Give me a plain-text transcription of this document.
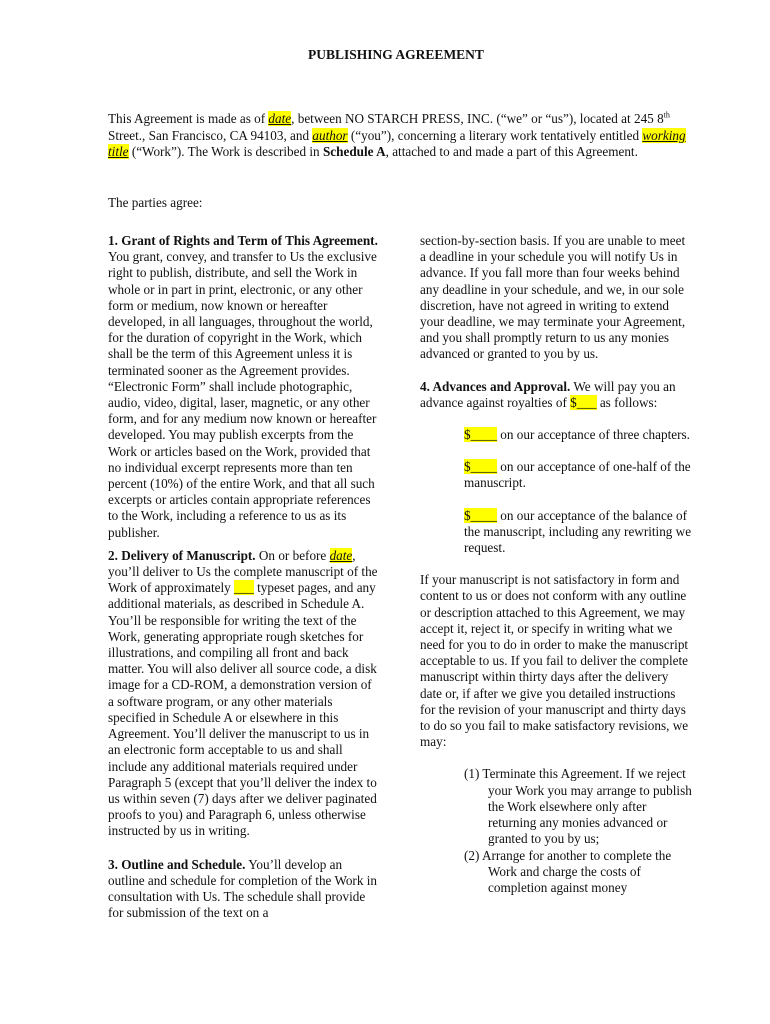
PUBLISHING AGREEMENT
This Agreement is made as of date, between NO STARCH PRESS, INC. (“we” or “us”), located at 245 8th Street., San Francisco, CA 94103, and author (“you”), concerning a literary work tentatively entitled working title (“Work”). The Work is described in Schedule A, attached to and made a part of this Agreement.
The parties agree:

1. Grant of Rights and Term of This Agreement. You grant, convey, and transfer to Us the exclusive right to publish, distribute, and sell the Work in whole or in part in print, electronic, or any other form or medium, now known or hereafter developed, in all languages, throughout the world, for the duration of copyright in the Work, which shall be the term of this Agreement unless it is terminated sooner as the Agreement provides. “Electronic Form” shall include photographic, audio, video, digital, laser, magnetic, or any other form, and for any medium now known or hereafter developed. You may publish excerpts from the Work or articles based on the Work, provided that no individual excerpt represents more than ten percent (10%) of the entire Work, and that all such excerpts or articles contain appropriate references to the Work, including a reference to us as its publisher.

2. Delivery of Manuscript. On or before date, you’ll deliver to Us the complete manuscript of the Work of approximately ___ typeset pages, and any additional materials, as described in Schedule A. You’ll be responsible for writing the text of the Work, generating appropriate rough sketches for illustrations, and compiling all front and back matter. You will also deliver all source code, a disk image for a CD-ROM, a demonstration version of a software program, or any other materials specified in Schedule A or elsewhere in this Agreement. You’ll deliver the manuscript to us in an electronic form acceptable to us and shall include any additional materials required under Paragraph 5 (except that you’ll deliver the index to us within seven (7) days after we deliver paginated proofs to you) and Paragraph 6, unless otherwise instructed by us in writing.

3. Outline and Schedule. You’ll develop an outline and schedule for completion of the Work in consultation with Us. The schedule shall provide for submission of the text on a

section-by-section basis. If you are unable to meet a deadline in your schedule you will notify Us in advance. If you fall more than four weeks behind any deadline in your schedule, and we, in our sole discretion, have not agreed in writing to extend your deadline, we may terminate your Agreement, and you shall promptly return to us any monies advanced or granted to you by us.

4. Advances and Approval. We will pay you an advance against royalties of $___ as follows:

$____ on our acceptance of three chapters.

$____ on our acceptance of one-half of the manuscript.

$____ on our acceptance of the balance of the manuscript, including any rewriting we request.

If your manuscript is not satisfactory in form and content to us or does not conform with any outline or description attached to this Agreement, we may accept it, reject it, or specify in writing what we need for you to do in order to make the manuscript acceptable to us. If you fail to deliver the complete manuscript within thirty days after the delivery date or, if after we give you detailed instructions for the revision of your manuscript and thirty days to do so you fail to make satisfactory revisions, we may:

(1) Terminate this Agreement. If we reject your Work you may arrange to publish the Work elsewhere only after returning any monies advanced or granted to you by us;

(2) Arrange for another to complete the Work and charge the costs of completion against money
